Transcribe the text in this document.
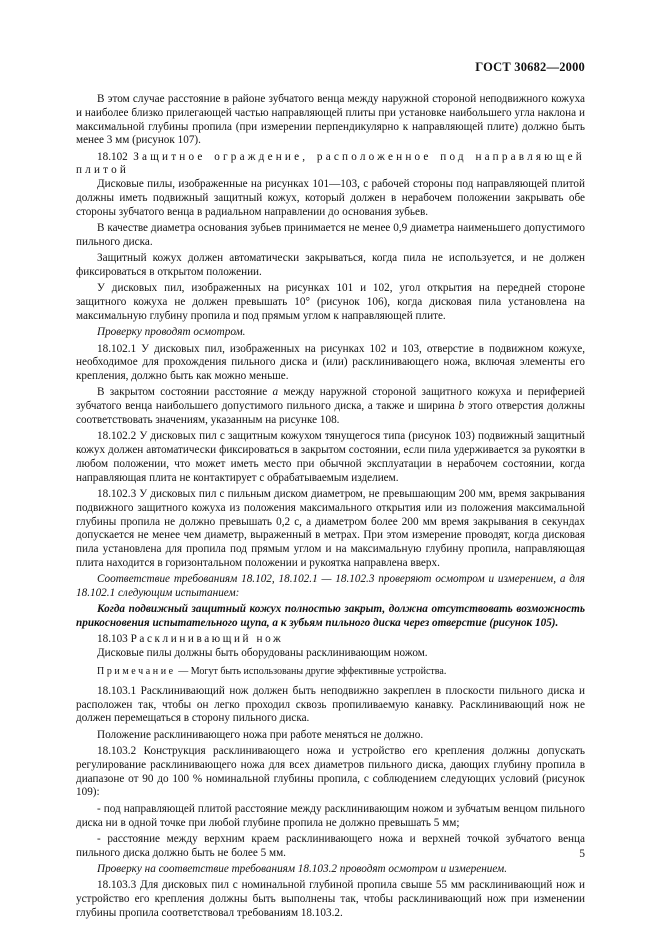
ГОСТ 30682—2000

В этом случае расстояние в районе зубчатого венца между наружной стороной неподвижного кожуха и наиболее близко прилегающей частью направляющей плиты при установке наибольшего угла наклона и максимальной глубины пропила (при измерении перпендикулярно к направляющей плите) должно быть менее 3 мм (рисунок 107).

18.102 Защитное ограждение, расположенное под направляющей плитой

Дисковые пилы, изображенные на рисунках 101—103, с рабочей стороны под направляющей плитой должны иметь подвижный защитный кожух, который должен в нерабочем положении закрывать обе стороны зубчатого венца в радиальном направлении до основания зубьев.

В качестве диаметра основания зубьев принимается не менее 0,9 диаметра наименьшего допустимого пильного диска.

Защитный кожух должен автоматически закрываться, когда пила не используется, и не должен фиксироваться в открытом положении.

У дисковых пил, изображенных на рисунках 101 и 102, угол открытия на передней стороне защитного кожуха не должен превышать 10° (рисунок 106), когда дисковая пила установлена на максимальную глубину пропила и под прямым углом к направляющей плите.

Проверку проводят осмотром.

18.102.1 У дисковых пил, изображенных на рисунках 102 и 103, отверстие в подвижном кожухе, необходимое для прохождения пильного диска и (или) расклинивающего ножа, включая элементы его крепления, должно быть как можно меньше.

В закрытом состоянии расстояние a между наружной стороной защитного кожуха и периферией зубчатого венца наибольшего допустимого пильного диска, а также и ширина b этого отверстия должны соответствовать значениям, указанным на рисунке 108.

18.102.2 У дисковых пил с защитным кожухом тянущегося типа (рисунок 103) подвижный защитный кожух должен автоматически фиксироваться в закрытом состоянии, если пила удерживается за рукоятки в любом положении, что может иметь место при обычной эксплуатации в нерабочем состоянии, когда направляющая плита не контактирует с обрабатываемым изделием.

18.102.3 У дисковых пил с пильным диском диаметром, не превышающим 200 мм, время закрывания подвижного защитного кожуха из положения максимального открытия или из положения максимальной глубины пропила не должно превышать 0,2 с, а диаметром более 200 мм время закрывания в секундах допускается не менее чем диаметр, выраженный в метрах. При этом измерение проводят, когда дисковая пила установлена для пропила под прямым углом и на максимальную глубину пропила, направляющая плита находится в горизонтальном положении и рукоятка направлена вверх.

Соответствие требованиям 18.102, 18.102.1 — 18.102.3 проверяют осмотром и измерением, а для 18.102.1 следующим испытанием:

Когда подвижный защитный кожух полностью закрыт, должна отсутствовать возможность прикосновения испытательного щупа, а к зубьям пильного диска через отверстие (рисунок 105).

18.103 Расклинивающий нож

Дисковые пилы должны быть оборудованы расклинивающим ножом.

Примечание — Могут быть использованы другие эффективные устройства.

18.103.1 Расклинивающий нож должен быть неподвижно закреплен в плоскости пильного диска и расположен так, чтобы он легко проходил сквозь пропиливаемую канавку. Расклинивающий нож не должен перемещаться в сторону пильного диска.

Положение расклинивающего ножа при работе меняться не должно.

18.103.2 Конструкция расклинивающего ножа и устройство его крепления должны допускать регулирование расклинивающего ножа для всех диаметров пильного диска, дающих глубину пропила в диапазоне от 90 до 100 % номинальной глубины пропила, с соблюдением следующих условий (рисунок 109):

- под направляющей плитой расстояние между расклинивающим ножом и зубчатым венцом пильного диска ни в одной точке при любой глубине пропила не должно превышать 5 мм;

- расстояние между верхним краем расклинивающего ножа и верхней точкой зубчатого венца пильного диска должно быть не более 5 мм.

Проверку на соответствие требованиям 18.103.2 проводят осмотром и измерением.

18.103.3 Для дисковых пил с номинальной глубиной пропила свыше 55 мм расклинивающий нож и устройство его крепления должны быть выполнены так, чтобы расклинивающий нож при изменении глубины пропила соответствовал требованиям 18.103.2.

5
